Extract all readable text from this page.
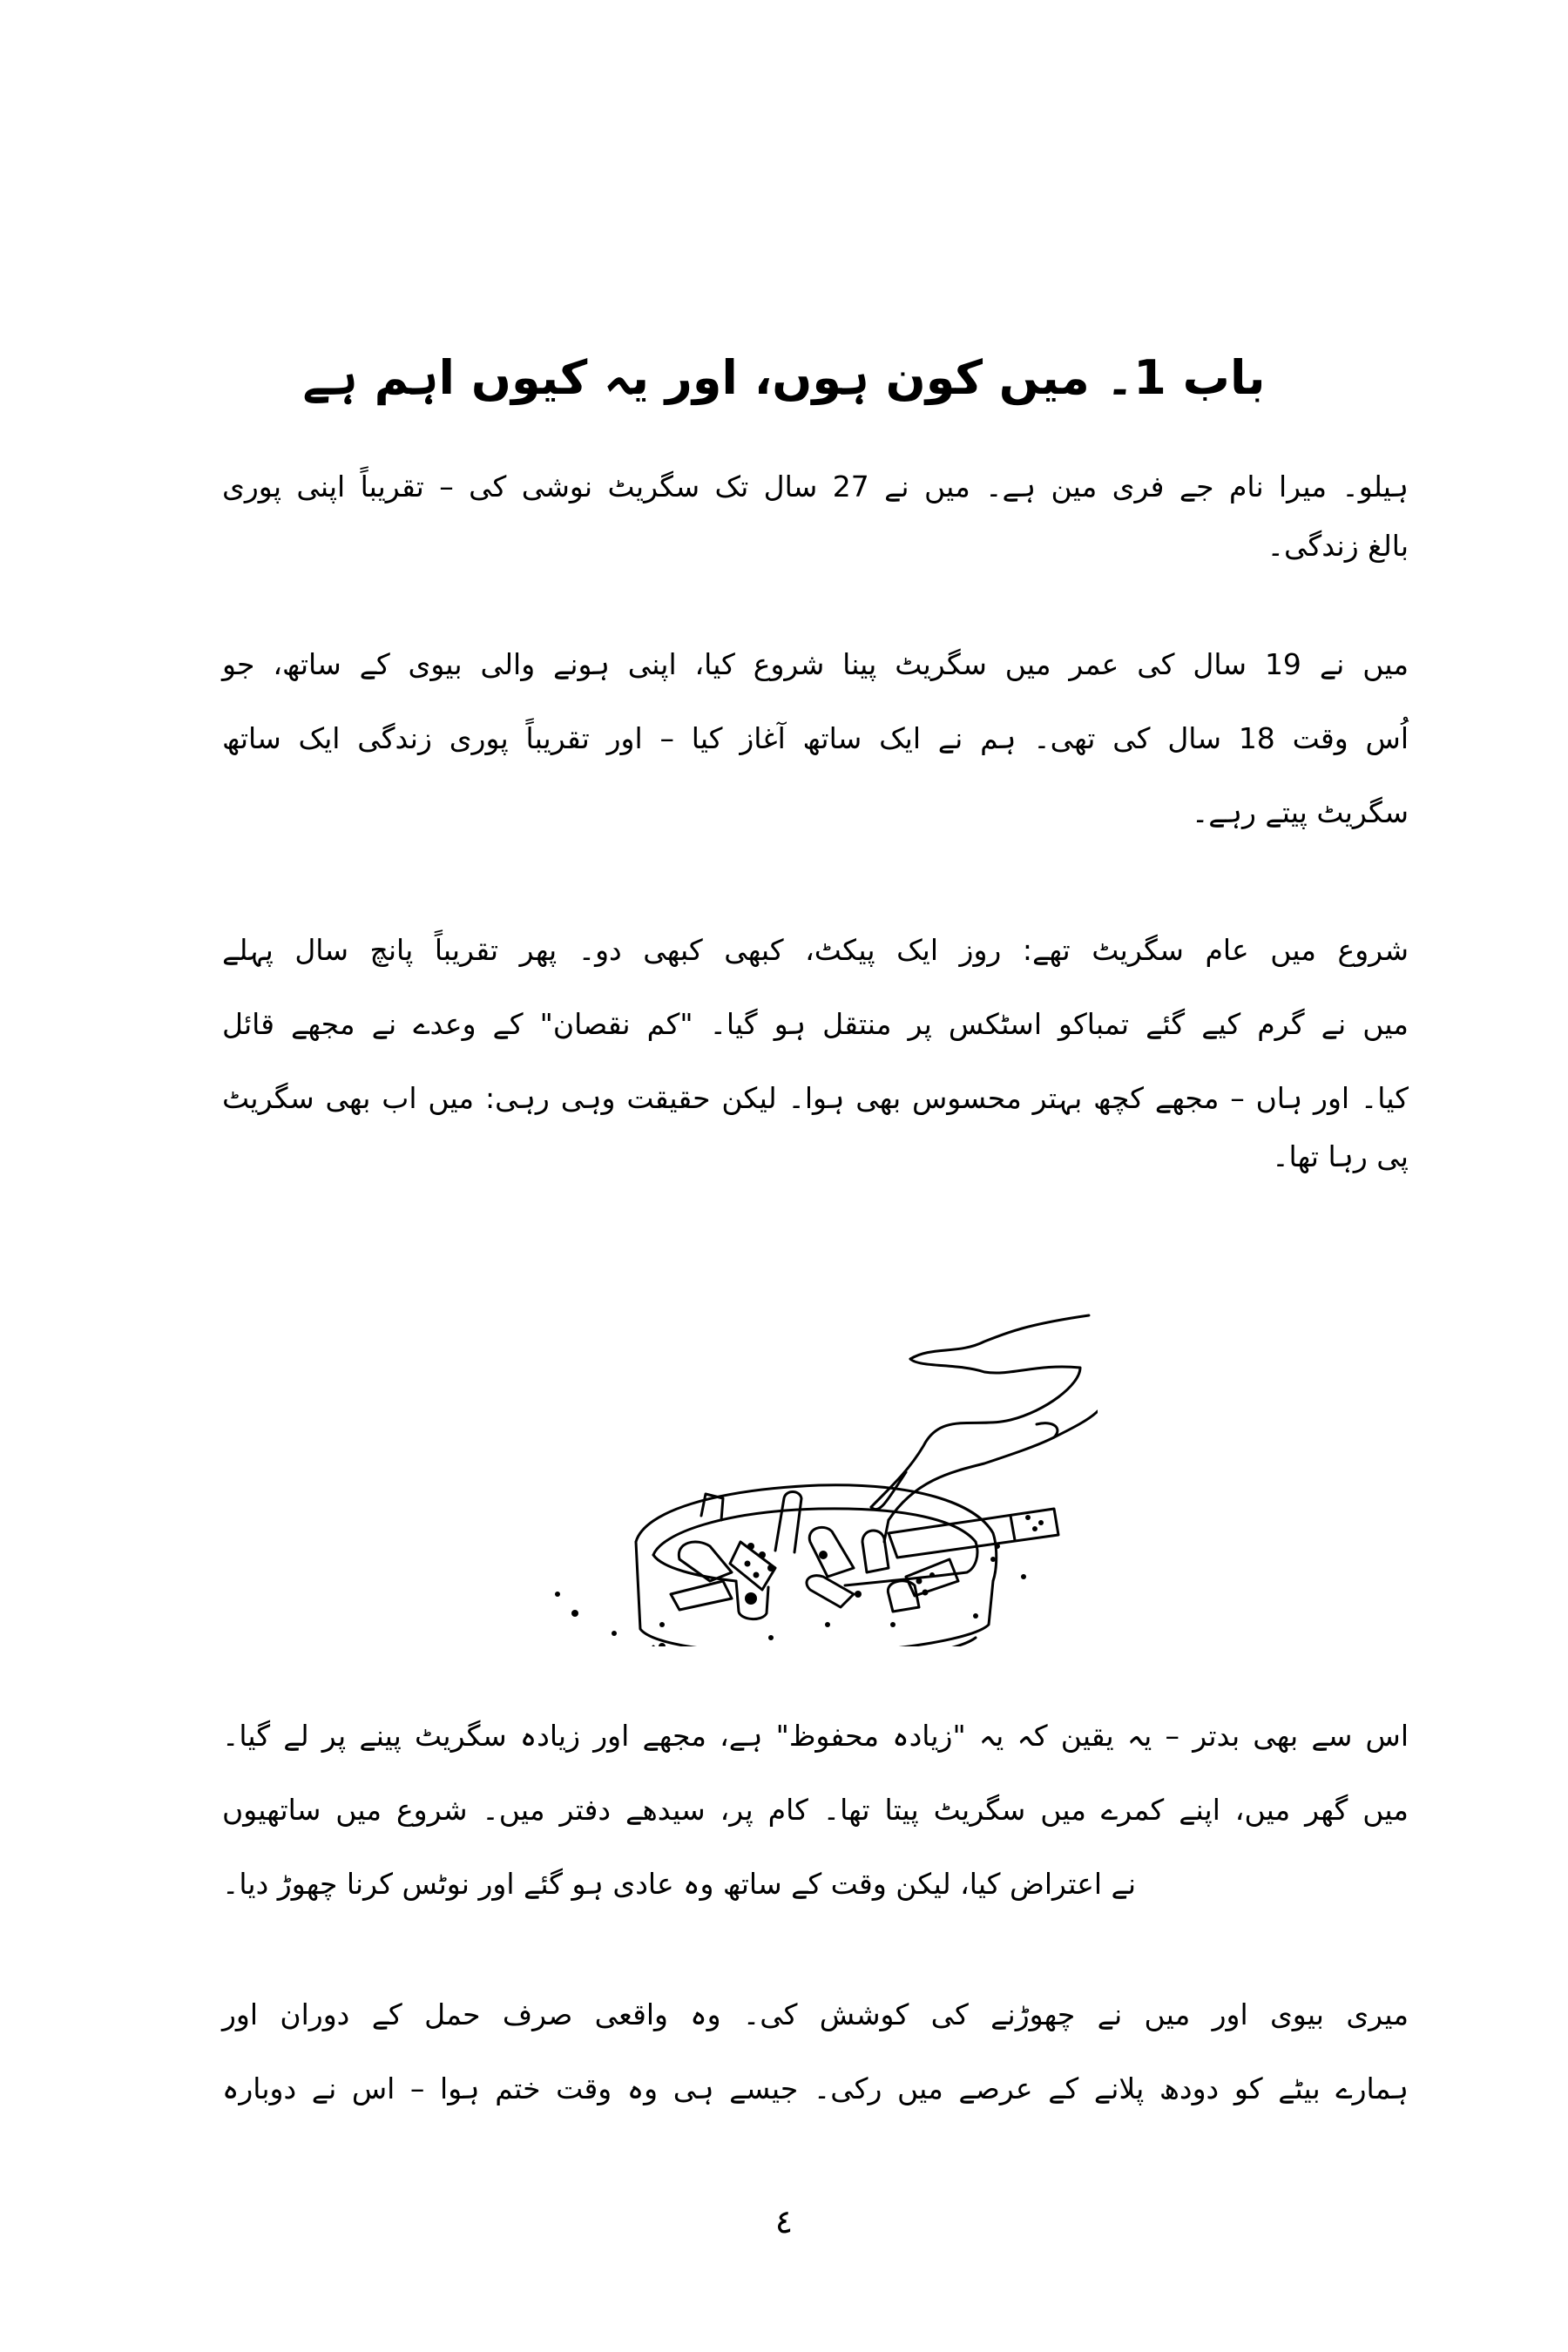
باب 1۔ میں کون ہوں، اور یہ کیوں اہم ہے
ہیلو۔ میرا نام جے فری مین ہے۔ میں نے 27 سال تک سگریٹ نوشی کی – تقریباً اپنی پوری
بالغ زندگی۔
میں نے 19 سال کی عمر میں سگریٹ پینا شروع کیا، اپنی ہونے والی بیوی کے ساتھ، جو
اُس وقت 18 سال کی تھی۔ ہم نے ایک ساتھ آغاز کیا – اور تقریباً پوری زندگی ایک ساتھ
سگریٹ پیتے رہے۔
شروع میں عام سگریٹ تھے: روز ایک پیکٹ، کبھی کبھی دو۔ پھر تقریباً پانچ سال پہلے
میں نے گرم کیے گئے تمباکو اسٹکس پر منتقل ہو گیا۔ "کم نقصان" کے وعدے نے مجھے قائل
کیا۔ اور ہاں – مجھے کچھ بہتر محسوس بھی ہوا۔ لیکن حقیقت وہی رہی: میں اب بھی سگریٹ
پی رہا تھا۔
اس سے بھی بدتر – یہ یقین کہ یہ "زیادہ محفوظ" ہے، مجھے اور زیادہ سگریٹ پینے پر لے گیا۔
میں گھر میں، اپنے کمرے میں سگریٹ پیتا تھا۔ کام پر، سیدھے دفتر میں۔ شروع میں ساتھیوں
نے اعتراض کیا، لیکن وقت کے ساتھ وہ عادی ہو گئے اور نوٹس کرنا چھوڑ دیا۔
میری بیوی اور میں نے چھوڑنے کی کوشش کی۔ وہ واقعی صرف حمل کے دوران اور
ہمارے بیٹے کو دودھ پلانے کے عرصے میں رکی۔ جیسے ہی وہ وقت ختم ہوا – اس نے دوبارہ
٤
